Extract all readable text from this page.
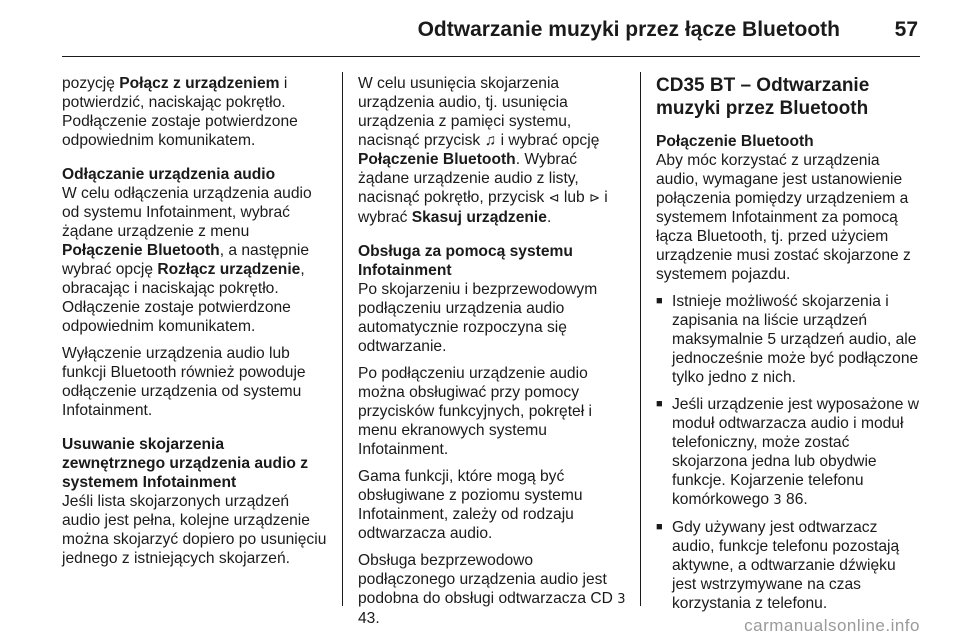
Odtwarzanie muzyki przez łącze Bluetooth	57

pozycję Połącz z urządzeniem i potwierdzić, naciskając pokrętło. Podłączenie zostaje potwierdzone odpowiednim komunikatem.

Odłączanie urządzenia audio

W celu odłączenia urządzenia audio od systemu Infotainment, wybrać żądane urządzenie z menu Połączenie Bluetooth, a następnie wybrać opcję Rozłącz urządzenie, obracając i naciskając pokrętło. Odłączenie zostaje potwierdzone odpowiednim komunikatem.

Wyłączenie urządzenia audio lub funkcji Bluetooth również powoduje odłączenie urządzenia od systemu Infotainment.

Usuwanie skojarzenia zewnętrznego urządzenia audio z systemem Infotainment

Jeśli lista skojarzonych urządzeń audio jest pełna, kolejne urządzenie można skojarzyć dopiero po usunięciu jednego z istniejących skojarzeń.

W celu usunięcia skojarzenia urządzenia audio, tj. usunięcia urządzenia z pamięci systemu, nacisnąć przycisk ♫ i wybrać opcję Połączenie Bluetooth. Wybrać żądane urządzenie audio z listy, nacisnąć pokrętło, przycisk ⊲ lub ⊳ i wybrać Skasuj urządzenie.

Obsługa za pomocą systemu Infotainment

Po skojarzeniu i bezprzewodowym podłączeniu urządzenia audio automatycznie rozpoczyna się odtwarzanie.

Po podłączeniu urządzenie audio można obsługiwać przy pomocy przycisków funkcyjnych, pokręteł i menu ekranowych systemu Infotainment.

Gama funkcji, które mogą być obsługiwane z poziomu systemu Infotainment, zależy od rodzaju odtwarzacza audio.

Obsługa bezprzewodowo podłączonego urządzenia audio jest podobna do obsługi odtwarzacza CD 3 43.

CD35 BT – Odtwarzanie muzyki przez Bluetooth

Połączenie Bluetooth

Aby móc korzystać z urządzenia audio, wymagane jest ustanowienie połączenia pomiędzy urządzeniem a systemem Infotainment za pomocą łącza Bluetooth, tj. przed użyciem urządzenie musi zostać skojarzone z systemem pojazdu.

■ Istnieje możliwość skojarzenia i zapisania na liście urządzeń maksymalnie 5 urządzeń audio, ale jednocześnie może być podłączone tylko jedno z nich.
■ Jeśli urządzenie jest wyposażone w moduł odtwarzacza audio i moduł telefoniczny, może zostać skojarzona jedna lub obydwie funkcje. Kojarzenie telefonu komórkowego 3 86.
■ Gdy używany jest odtwarzacz audio, funkcje telefonu pozostają aktywne, a odtwarzanie dźwięku jest wstrzymywane na czas korzystania z telefonu.
carmanualsonline.info
